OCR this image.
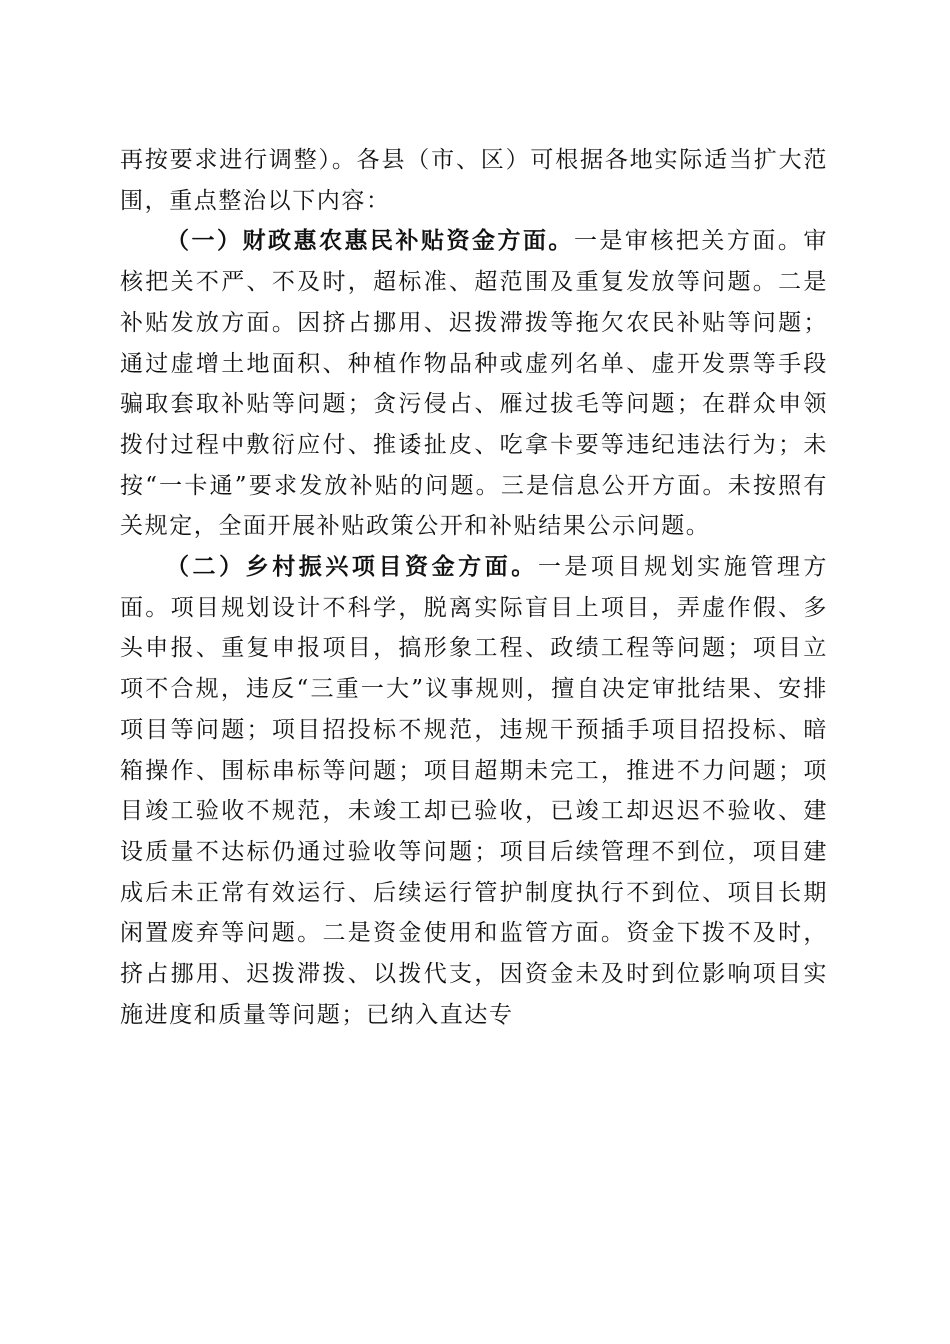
再按要求进行调整）。各县（市、区）可根据各地实际适当扩大范围，重点整治以下内容：

（一）财政惠农惠民补贴资金方面。一是审核把关方面。审核把关不严、不及时，超标准、超范围及重复发放等问题。二是补贴发放方面。因挤占挪用、迟拨滞拨等拖欠农民补贴等问题；通过虚增土地面积、种植作物品种或虚列名单、虚开发票等手段骗取套取补贴等问题；贪污侵占、雁过拔毛等问题；在群众申领拨付过程中敷衍应付、推诿扯皮、吃拿卡要等违纪违法行为；未按“一卡通”要求发放补贴的问题。三是信息公开方面。未按照有关规定，全面开展补贴政策公开和补贴结果公示问题。

（二）乡村振兴项目资金方面。一是项目规划实施管理方面。项目规划设计不科学，脱离实际盲目上项目，弄虚作假、多头申报、重复申报项目，搞形象工程、政绩工程等问题；项目立项不合规，违反“三重一大”议事规则，擅自决定审批结果、安排项目等问题；项目招投标不规范，违规干预插手项目招投标、暗箱操作、围标串标等问题；项目超期未完工，推进不力问题；项目竣工验收不规范，未竣工却已验收，已竣工却迟迟不验收、建设质量不达标仍通过验收等问题；项目后续管理不到位，项目建成后未正常有效运行、后续运行管护制度执行不到位、项目长期闲置废弃等问题。二是资金使用和监管方面。资金下拨不及时，挤占挪用、迟拨滞拨、以拨代支，因资金未及时到位影响项目实施进度和质量等问题；已纳入直达专
